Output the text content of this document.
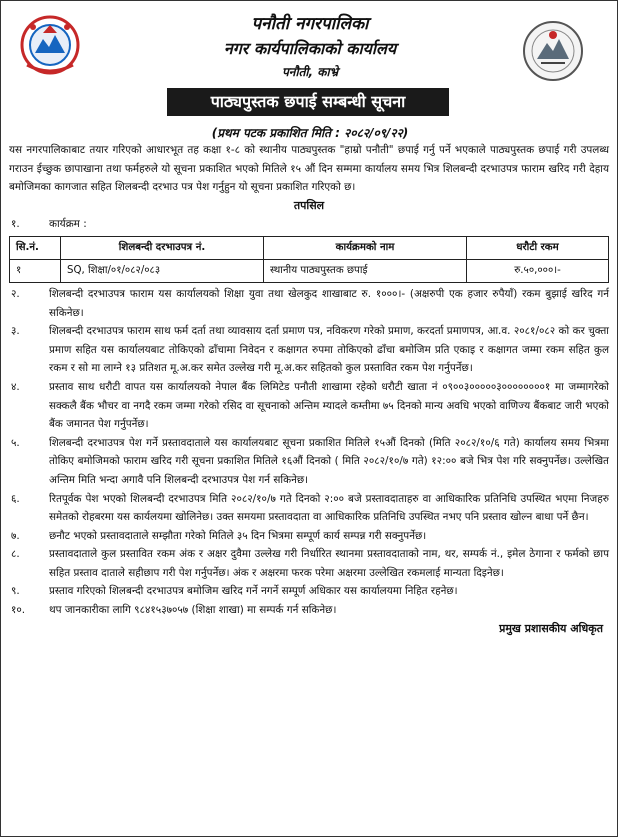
पनौती नगरपालिका
नगर कार्यपालिकाको कार्यालय
पनौती, काभ्रे
पाठ्यपुस्तक छपाई सम्बन्धी सूचना
(प्रथम पटक प्रकाशित मिति : २०८२/०९/२२)

यस नगरपालिकाबाट तयार गरिएको आधारभूत तह कक्षा १-८ को स्थानीय पाठ्यपुस्तक "हाम्रो पनौती" छपाई गर्नु पर्ने भएकाले पाठ्यपुस्तक छपाई गरी उपलब्ध गराउन ईच्छुक छापाखाना तथा फर्महरुले यो सूचना प्रकाशित भएको मितिले १५ औं दिन सम्ममा कार्यालय समय भित्र शिलबन्दी दरभाउपत्र फाराम खरिद गरी देहाय बमोजिमका कागजात सहित शिलबन्दी दरभाउ पत्र पेश गर्नुहुन यो सूचना प्रकाशित गरिएको छ।

तपसिल

१.	कार्यक्रम :
सि.नं.	शिलबन्दी दरभाउपत्र नं.	कार्यक्रमको नाम	धरौटी रकम
१	SQ, शिक्षा/०१/०८२/०८३	स्थानीय पाठ्यपुस्तक छपाई	रु.५०,०००।-
२.	शिलबन्दी दरभाउपत्र फाराम यस कार्यालयको शिक्षा युवा तथा खेलकुद शाखाबाट रु. १०००।- (अक्षरुपी एक हजार रुपैयाँ) रकम बुझाई खरिद गर्न सकिनेछ।
३.	शिलबन्दी दरभाउपत्र फाराम साथ फर्म दर्ता तथा व्यावसाय दर्ता प्रमाण पत्र, नविकरण गरेको प्रमाण, करदर्ता प्रमाणपत्र, आ.व. २०८१/०८२ को कर चुक्ता प्रमाण सहित यस कार्यालयबाट तोकिएको ढाँचामा निवेदन र कक्षागत रुपमा तोकिएको ढाँचा बमोजिम प्रति एकाइ र कक्षागत जम्मा रकम सहित कुल रकम र सो मा लाग्ने १३ प्रतिशत मू.अ.कर समेत उल्लेख गरी मू.अ.कर सहितको कुल प्रस्तावित रकम पेश गर्नुपर्नेछ।
४.	प्रस्ताव साथ धरौटी वापत यस कार्यालयको नेपाल बैंक लिमिटेड पनौती शाखामा रहेको धरौटी खाता नं ०९००३०००००३००००००००१ मा जम्मागरेको सक्कलै बैंक भौचर वा नगदै रकम जम्मा गरेको रसिद वा सूचनाको अन्तिम म्यादले कम्तीमा ७५ दिनको मान्य अवधि भएको वाणिज्य बैंकबाट जारी भएको बैंक जमानत पेश गर्नुपर्नेछ।
५.	शिलबन्दी दरभाउपत्र पेश गर्ने प्रस्तावदाताले यस कार्यालयबाट सूचना प्रकाशित मितिले १५औं दिनको (मिति २०८२/१०/६ गते) कार्यालय समय भित्रमा तोकिए बमोजिमको फाराम खरिद गरी सूचना प्रकाशित मितिले १६औं दिनको ( मिति २०८२/१०/७ गते) १२:०० बजे भित्र पेश गरि सक्नुपर्नेछ। उल्लेखित अन्तिम मिति भन्दा अगावै पनि शिलबन्दी दरभाउपत्र पेश गर्न सकिनेछ।
६.	रितपूर्वक पेश भएको शिलबन्दी दरभाउपत्र मिति २०८२/१०/७ गते दिनको २:०० बजे प्रस्तावदाताहरु वा आधिकारिक प्रतिनिधि उपस्थित भएमा निजहरु समेतको रोहबरमा यस कार्यलयमा खोलिनेछ। उक्त समयमा प्रस्तावदाता वा आधिकारिक प्रतिनिधि उपस्थित नभए पनि प्रस्ताव खोल्न बाधा पर्ने छैन।
७.	छनौट भएको प्रस्तावदाताले सम्झौता गरेको मितिले ३५ दिन भित्रमा सम्पूर्ण कार्य सम्पन्न गरी सक्नुपर्नेछ।
८.	प्रस्तावदाताले कुल प्रस्तावित रकम अंक र अक्षर दुवैमा उल्लेख गरी निर्धारित स्थानमा प्रस्तावदाताको नाम, थर, सम्पर्क नं., इमेल ठेगाना र फर्मको छाप सहित प्रस्ताव दाताले सहीछाप गरी पेश गर्नुपर्नेछ। अंक र अक्षरमा फरक परेमा अक्षरमा उल्लेखित रकमलाई मान्यता दिइनेछ।
९.	प्रस्ताव गरिएको शिलबन्दी दरभाउपत्र बमोजिम खरिद गर्ने नगर्ने सम्पूर्ण अधिकार यस कार्यालयमा निहित रहनेछ।
१०.	थप जानकारीका लागि ९८४१५३७०५७ (शिक्षा शाखा) मा सम्पर्क गर्न सकिनेछ।

प्रमुख प्रशासकीय अधिकृत
